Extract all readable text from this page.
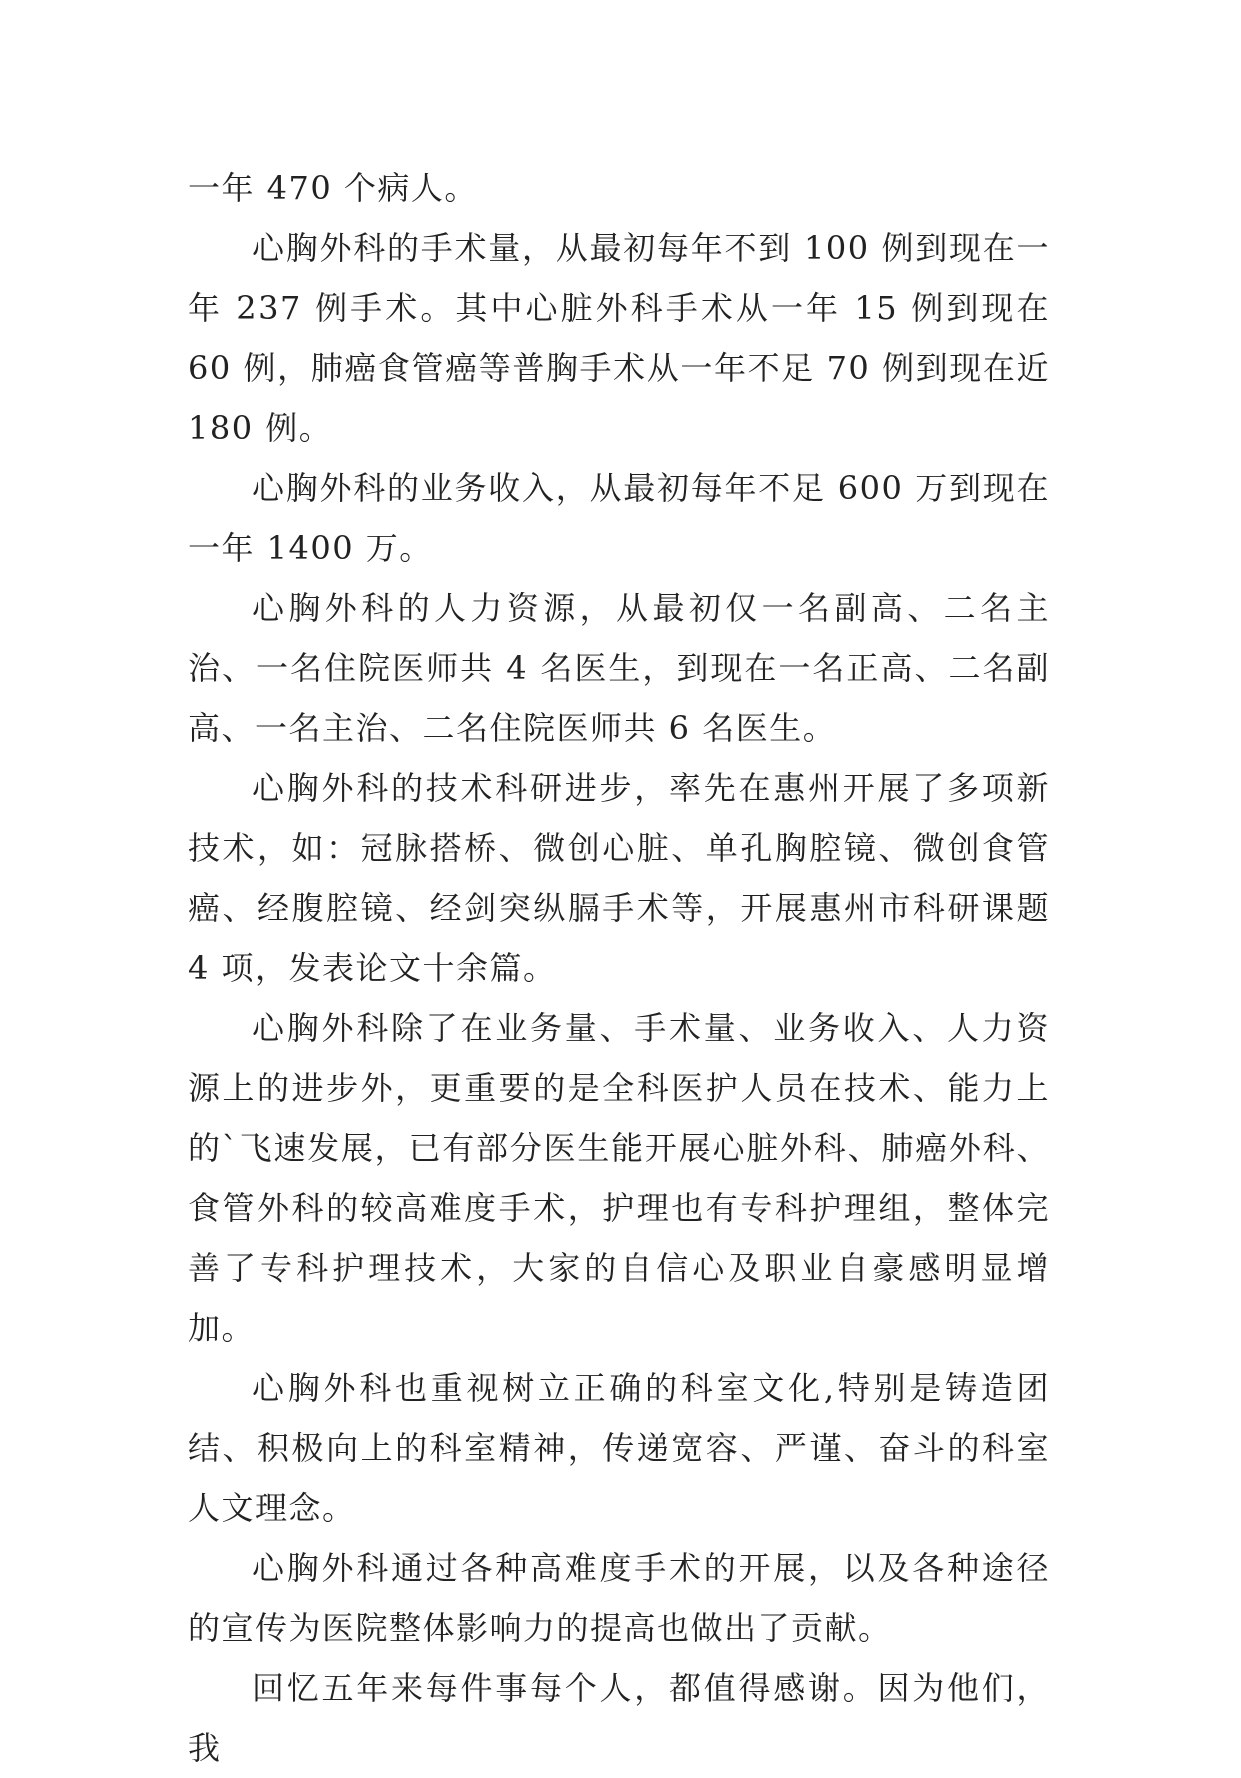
一年 470 个病人。

心胸外科的手术量，从最初每年不到 100 例到现在一年 237 例手术。其中心脏外科手术从一年 15 例到现在 60 例，肺癌食管癌等普胸手术从一年不足 70 例到现在近 180 例。

心胸外科的业务收入，从最初每年不足 600 万到现在一年 1400 万。

心胸外科的人力资源，从最初仅一名副高、二名主治、一名住院医师共 4 名医生，到现在一名正高、二名副高、一名主治、二名住院医师共 6 名医生。

心胸外科的技术科研进步，率先在惠州开展了多项新技术，如：冠脉搭桥、微创心脏、单孔胸腔镜、微创食管癌、经腹腔镜、经剑突纵膈手术等，开展惠州市科研课题 4 项，发表论文十余篇。

心胸外科除了在业务量、手术量、业务收入、人力资源上的进步外，更重要的是全科医护人员在技术、能力上的`飞速发展，已有部分医生能开展心脏外科、肺癌外科、食管外科的较高难度手术，护理也有专科护理组，整体完善了专科护理技术，大家的自信心及职业自豪感明显增加。

心胸外科也重视树立正确的科室文化,特别是铸造团结、积极向上的科室精神，传递宽容、严谨、奋斗的科室人文理念。

心胸外科通过各种高难度手术的开展，以及各种途径的宣传为医院整体影响力的提高也做出了贡献。

回忆五年来每件事每个人，都值得感谢。因为他们，我
